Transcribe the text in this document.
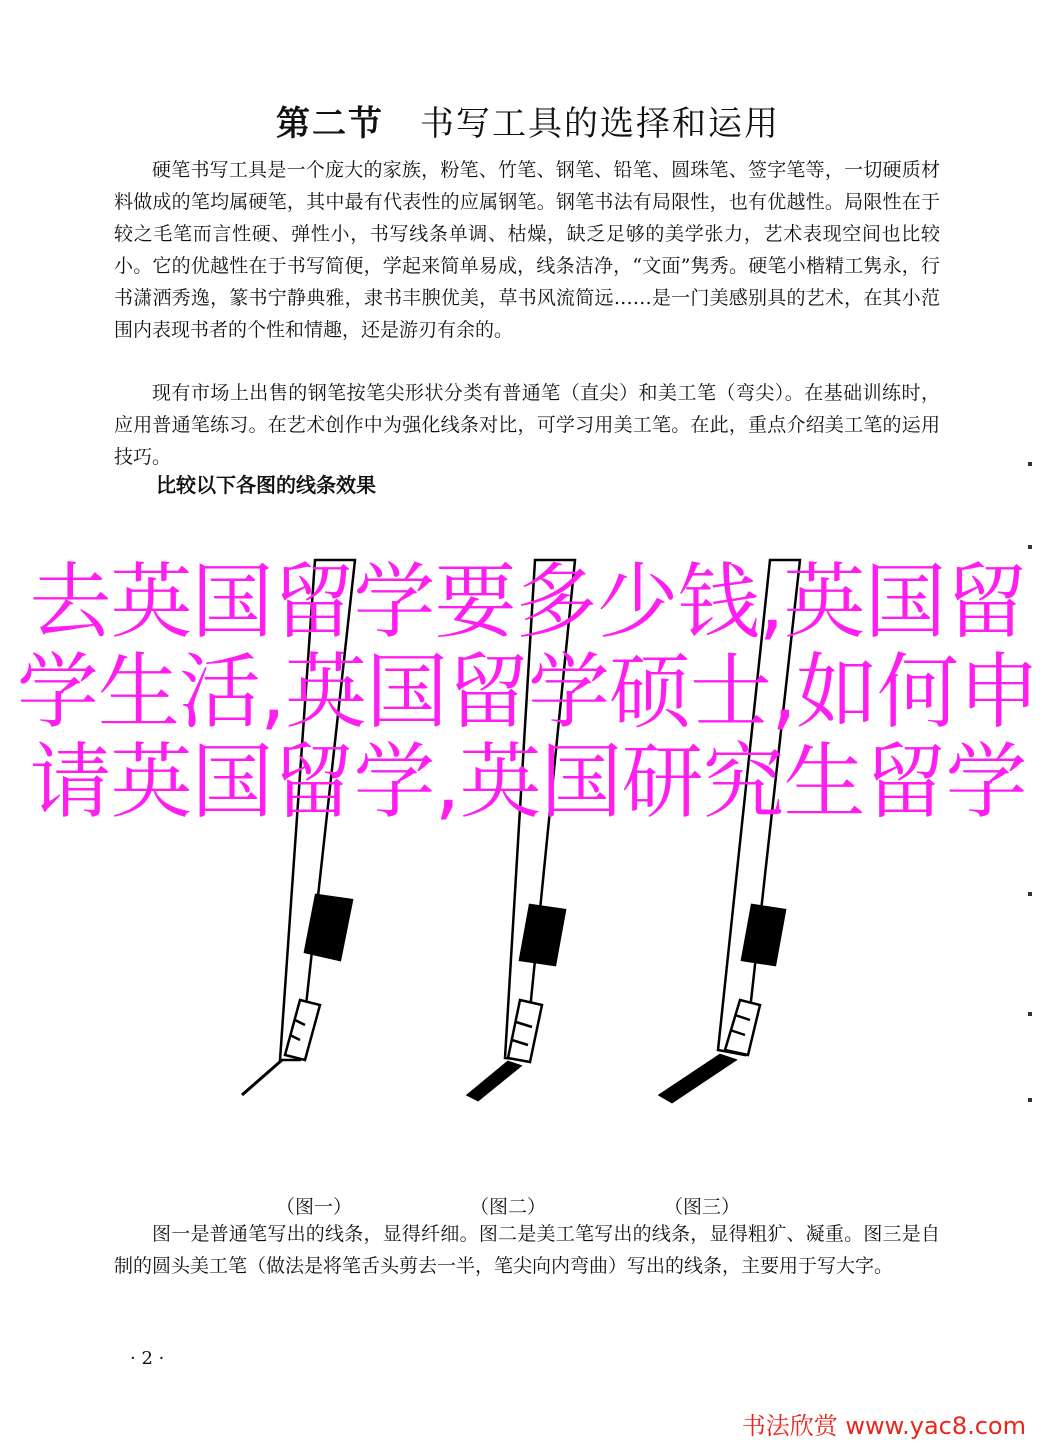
第二节 书写工具的选择和运用

硬笔书写工具是一个庞大的家族，粉笔、竹笔、钢笔、铅笔、圆珠笔、签字笔等，一切硬质材料做成的笔均属硬笔，其中最有代表性的应属钢笔。钢笔书法有局限性，也有优越性。局限性在于较之毛笔而言性硬、弹性小，书写线条单调、枯燥，缺乏足够的美学张力，艺术表现空间也比较小。它的优越性在于书写简便，学起来简单易成，线条洁净，“文面”隽秀。硬笔小楷精工隽永，行书潇洒秀逸，篆书宁静典雅，隶书丰腴优美，草书风流简远……是一门美感别具的艺术，在其小范围内表现书者的个性和情趣，还是游刃有余的。

现有市场上出售的钢笔按笔尖形状分类有普通笔（直尖）和美工笔（弯尖）。在基础训练时，应用普通笔练习。在艺术创作中为强化线条对比，可学习用美工笔。在此，重点介绍美工笔的运用技巧。

比较以下各图的线条效果
去英国留学要多少钱,英国留学生活,英国留学硕士,如何申请英国留学,英国研究生留学
（图一）	（图二）	（图三）

图一是普通笔写出的线条，显得纤细。图二是美工笔写出的线条，显得粗犷、凝重。图三是自制的圆头美工笔（做法是将笔舌头剪去一半，笔尖向内弯曲）写出的线条，主要用于写大字。

· 2 ·
书法欣赏 www.yac8.com
